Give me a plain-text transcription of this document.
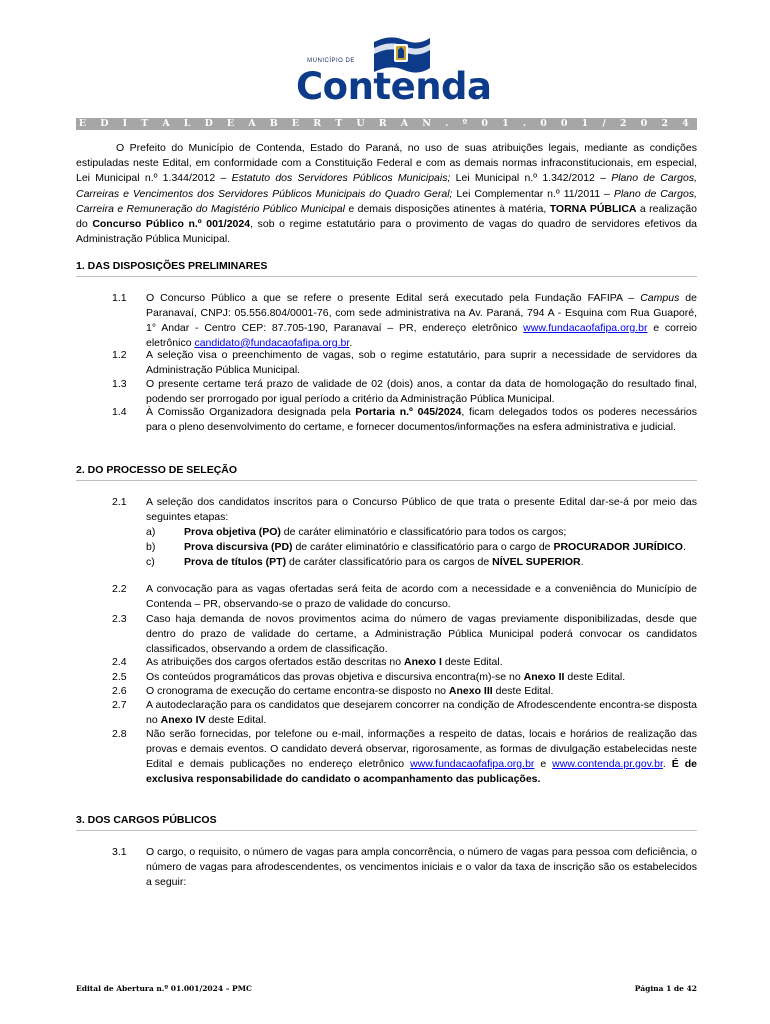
MUNICÍPIO DE
Contenda
E D I T A L D E A B E R T U R A N . º 0 1 . 0 0 1 / 2 0 2 4
O Prefeito do Município de Contenda, Estado do Paraná, no uso de suas atribuições legais, mediante as condições estipuladas neste Edital, em conformidade com a Constituição Federal e com as demais normas infraconstitucionais, em especial, Lei Municipal n.º 1.344/2012 – Estatuto dos Servidores Públicos Municipais; Lei Municipal n.º 1.342/2012 – Plano de Cargos, Carreiras e Vencimentos dos Servidores Públicos Municipais do Quadro Geral; Lei Complementar n.º 11/2011 – Plano de Cargos, Carreira e Remuneração do Magistério Público Municipal e demais disposições atinentes à matéria, TORNA PÚBLICA a realização do Concurso Público n.º 001/2024, sob o regime estatutário para o provimento de vagas do quadro de servidores efetivos da Administração Pública Municipal.
1. DAS DISPOSIÇÕES PRELIMINARES
1.1	O Concurso Público a que se refere o presente Edital será executado pela Fundação FAFIPA – Campus de Paranavaí, CNPJ: 05.556.804/0001-76, com sede administrativa na Av. Paraná, 794 A - Esquina com Rua Guaporé, 1° Andar - Centro CEP: 87.705-190, Paranavaí – PR, endereço eletrônico www.fundacaofafipa.org.br e correio eletrônico candidato@fundacaofafipa.org.br.
1.2	A seleção visa o preenchimento de vagas, sob o regime estatutário, para suprir a necessidade de servidores da Administração Pública Municipal.
1.3	O presente certame terá prazo de validade de 02 (dois) anos, a contar da data de homologação do resultado final, podendo ser prorrogado por igual período a critério da Administração Pública Municipal.
1.4	À Comissão Organizadora designada pela Portaria n.º 045/2024, ficam delegados todos os poderes necessários para o pleno desenvolvimento do certame, e fornecer documentos/informações na esfera administrativa e judicial.
2. DO PROCESSO DE SELEÇÃO
2.1	A seleção dos candidatos inscritos para o Concurso Público de que trata o presente Edital dar-se-á por meio das seguintes etapas:
a)	Prova objetiva (PO) de caráter eliminatório e classificatório para todos os cargos;
b)	Prova discursiva (PD) de caráter eliminatório e classificatório para o cargo de PROCURADOR JURÍDICO.
c)	Prova de títulos (PT) de caráter classificatório para os cargos de NÍVEL SUPERIOR.
2.2	A convocação para as vagas ofertadas será feita de acordo com a necessidade e a conveniência do Município de Contenda – PR, observando-se o prazo de validade do concurso.
2.3	Caso haja demanda de novos provimentos acima do número de vagas previamente disponibilizadas, desde que dentro do prazo de validade do certame, a Administração Pública Municipal poderá convocar os candidatos classificados, observando a ordem de classificação.
2.4	As atribuições dos cargos ofertados estão descritas no Anexo I deste Edital.
2.5	Os conteúdos programáticos das provas objetiva e discursiva encontra(m)-se no Anexo II deste Edital.
2.6	O cronograma de execução do certame encontra-se disposto no Anexo III deste Edital.
2.7	A autodeclaração para os candidatos que desejarem concorrer na condição de Afrodescendente encontra-se disposta no Anexo IV deste Edital.
2.8	Não serão fornecidas, por telefone ou e-mail, informações a respeito de datas, locais e horários de realização das provas e demais eventos. O candidato deverá observar, rigorosamente, as formas de divulgação estabelecidas neste Edital e demais publicações no endereço eletrônico www.fundacaofafipa.org.br e www.contenda.pr.gov.br. É de exclusiva responsabilidade do candidato o acompanhamento das publicações.
3. DOS CARGOS PÚBLICOS
3.1	O cargo, o requisito, o número de vagas para ampla concorrência, o número de vagas para pessoa com deficiência, o número de vagas para afrodescendentes, os vencimentos iniciais e o valor da taxa de inscrição são os estabelecidos a seguir:
Edital de Abertura n.º 01.001/2024 – PMC	Página 1 de 42
